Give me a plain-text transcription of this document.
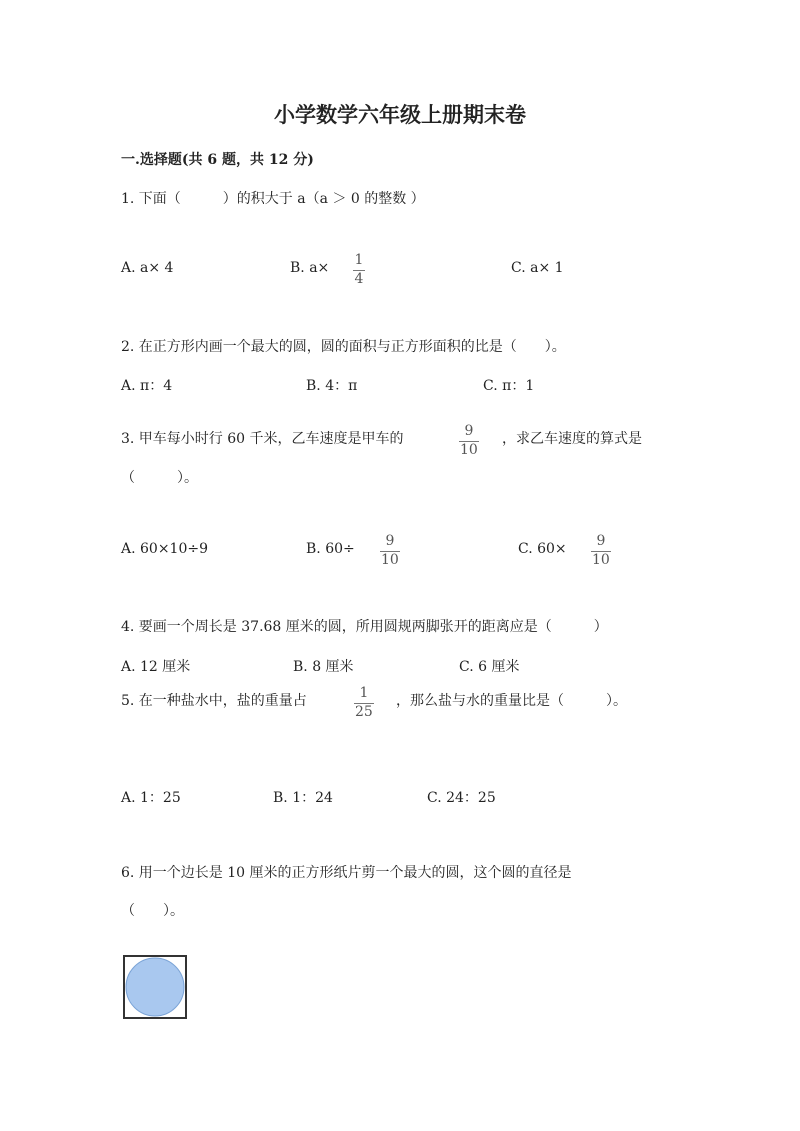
小学数学六年级上册期末卷
一.选择题(共 6 题，共 12 分)
1. 下面（　　　）的积大于 a（a ＞ 0 的整数 ）
A. a× 4	B. a× 1
4
C. a× 1
2. 在正方形内画一个最大的圆，圆的面积与正方形面积的比是（　　）。
A. π：4	B. 4：π	C. π：1
3. 甲车每小时行 60 千米，乙车速度是甲车的	9
10
，求乙车速度的算式是
（　　　）。
A. 60×10÷9	B. 60÷ 9
10
C. 60× 9
10
4. 要画一个周长是 37.68 厘米的圆，所用圆规两脚张开的距离应是（　　　）
A. 12 厘米	B. 8 厘米	C. 6 厘米
5. 在一种盐水中，盐的重量占	1
25
，那么盐与水的重量比是（　　　）。
A. 1：25	B. 1：24	C. 24：25
6. 用一个边长是 10 厘米的正方形纸片剪一个最大的圆，这个圆的直径是
（　　）。
